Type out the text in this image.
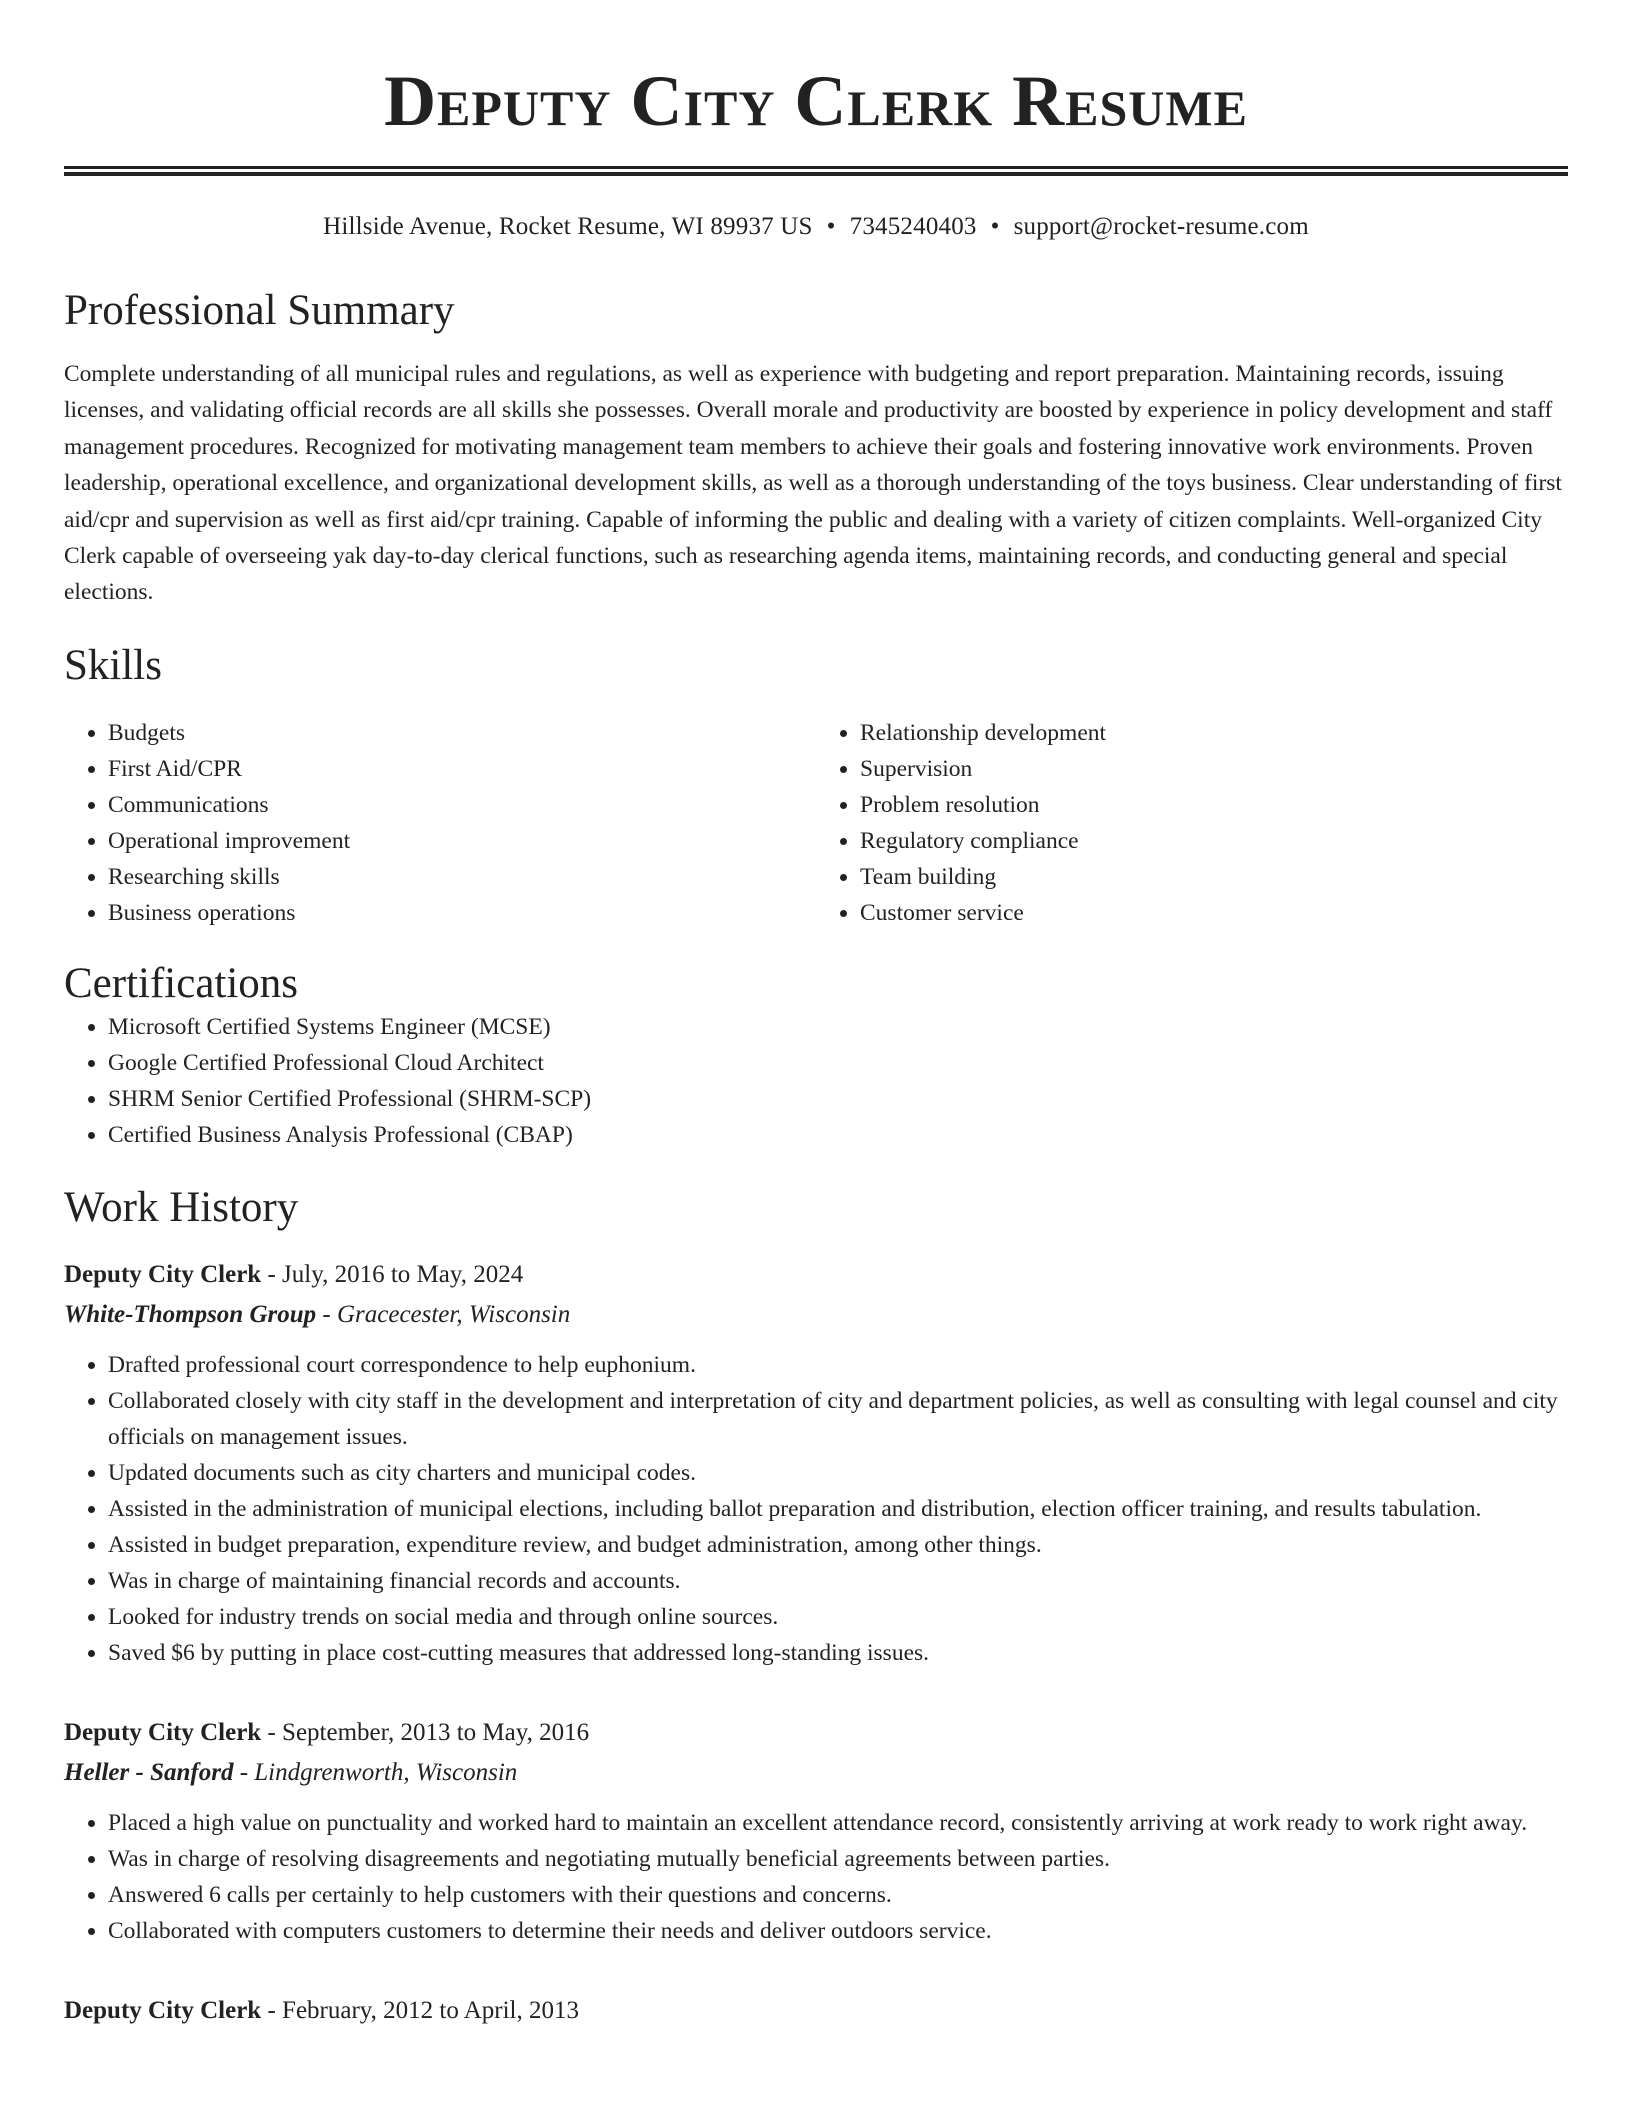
Deputy City Clerk Resume
Hillside Avenue, Rocket Resume, WI 89937 US • 7345240403 • support@rocket-resume.com
Professional Summary

Complete understanding of all municipal rules and regulations, as well as experience with budgeting and report preparation. Maintaining records, issuing licenses, and validating official records are all skills she possesses. Overall morale and productivity are boosted by experience in policy development and staff management procedures. Recognized for motivating management team members to achieve their goals and fostering innovative work environments. Proven leadership, operational excellence, and organizational development skills, as well as a thorough understanding of the toys business. Clear understanding of first aid/cpr and supervision as well as first aid/cpr training. Capable of informing the public and dealing with a variety of citizen complaints. Well-organized City Clerk capable of overseeing yak day-to-day clerical functions, such as researching agenda items, maintaining records, and conducting general and special elections.

Skills
• Budgets
• First Aid/CPR
• Communications
• Operational improvement
• Researching skills
• Business operations
• Relationship development
• Supervision
• Problem resolution
• Regulatory compliance
• Team building
• Customer service
Certifications
• Microsoft Certified Systems Engineer (MCSE)
• Google Certified Professional Cloud Architect
• SHRM Senior Certified Professional (SHRM-SCP)
• Certified Business Analysis Professional (CBAP)
Work History
Deputy City Clerk - July, 2016 to May, 2024
White-Thompson Group - Gracecester, Wisconsin
• Drafted professional court correspondence to help euphonium.
• Collaborated closely with city staff in the development and interpretation of city and department policies, as well as consulting with legal counsel and city officials on management issues.
• Updated documents such as city charters and municipal codes.
• Assisted in the administration of municipal elections, including ballot preparation and distribution, election officer training, and results tabulation.
• Assisted in budget preparation, expenditure review, and budget administration, among other things.
• Was in charge of maintaining financial records and accounts.
• Looked for industry trends on social media and through online sources.
• Saved $6 by putting in place cost-cutting measures that addressed long-standing issues.
Deputy City Clerk - September, 2013 to May, 2016
Heller - Sanford - Lindgrenworth, Wisconsin
• Placed a high value on punctuality and worked hard to maintain an excellent attendance record, consistently arriving at work ready to work right away.
• Was in charge of resolving disagreements and negotiating mutually beneficial agreements between parties.
• Answered 6 calls per certainly to help customers with their questions and concerns.
• Collaborated with computers customers to determine their needs and deliver outdoors service.
Deputy City Clerk - February, 2012 to April, 2013
